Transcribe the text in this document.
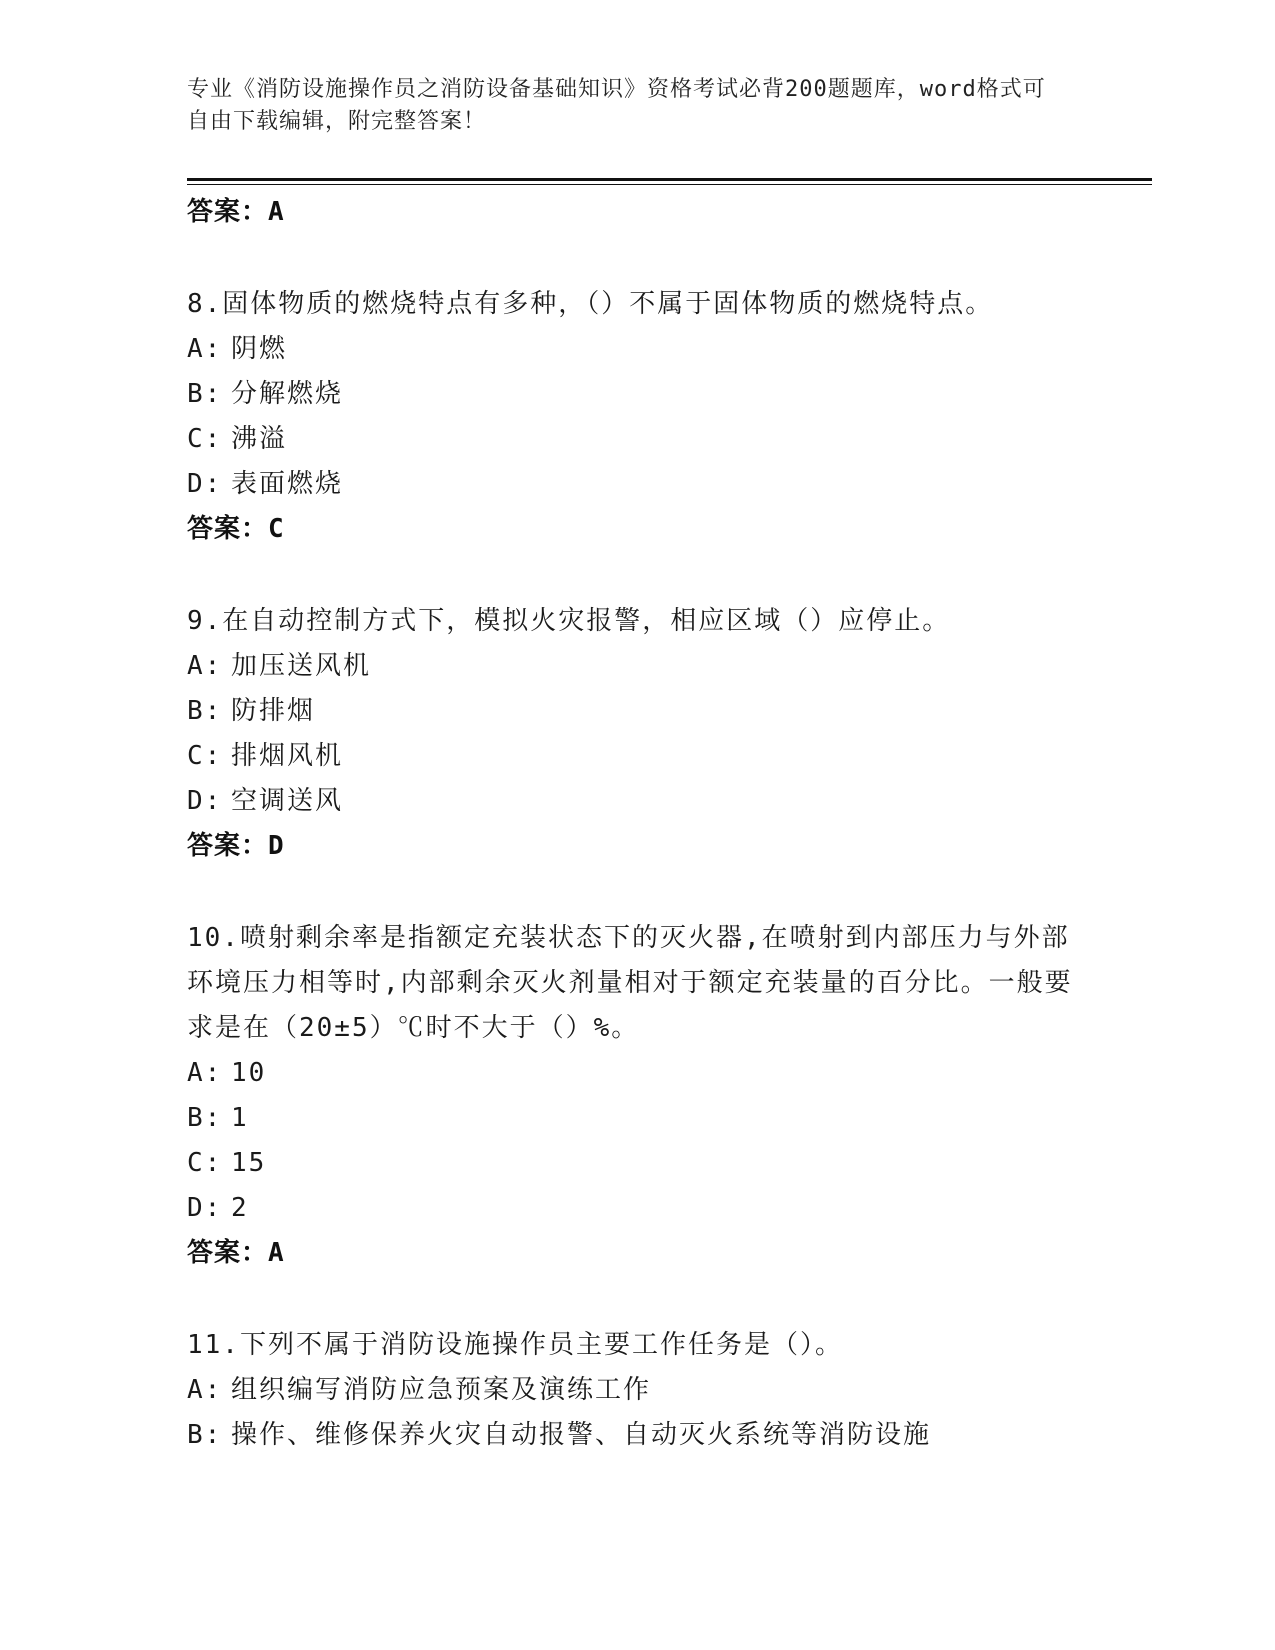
专业《消防设施操作员之消防设备基础知识》资格考试必背200题题库，word格式可自由下载编辑，附完整答案！
答案：A
8.固体物质的燃烧特点有多种，（）不属于固体物质的燃烧特点。
A: 阴燃
B: 分解燃烧
C: 沸溢
D: 表面燃烧
答案：C
9.在自动控制方式下，模拟火灾报警，相应区域（）应停止。
A: 加压送风机
B: 防排烟
C: 排烟风机
D: 空调送风
答案：D
10.喷射剩余率是指额定充装状态下的灭火器,在喷射到内部压力与外部环境压力相等时,内部剩余灭火剂量相对于额定充装量的百分比。一般要求是在（20±5）℃时不大于（）%。
A: 10
B: 1
C: 15
D: 2
答案：A
11.下列不属于消防设施操作员主要工作任务是（）。
A: 组织编写消防应急预案及演练工作
B: 操作、维修保养火灾自动报警、自动灭火系统等消防设施
